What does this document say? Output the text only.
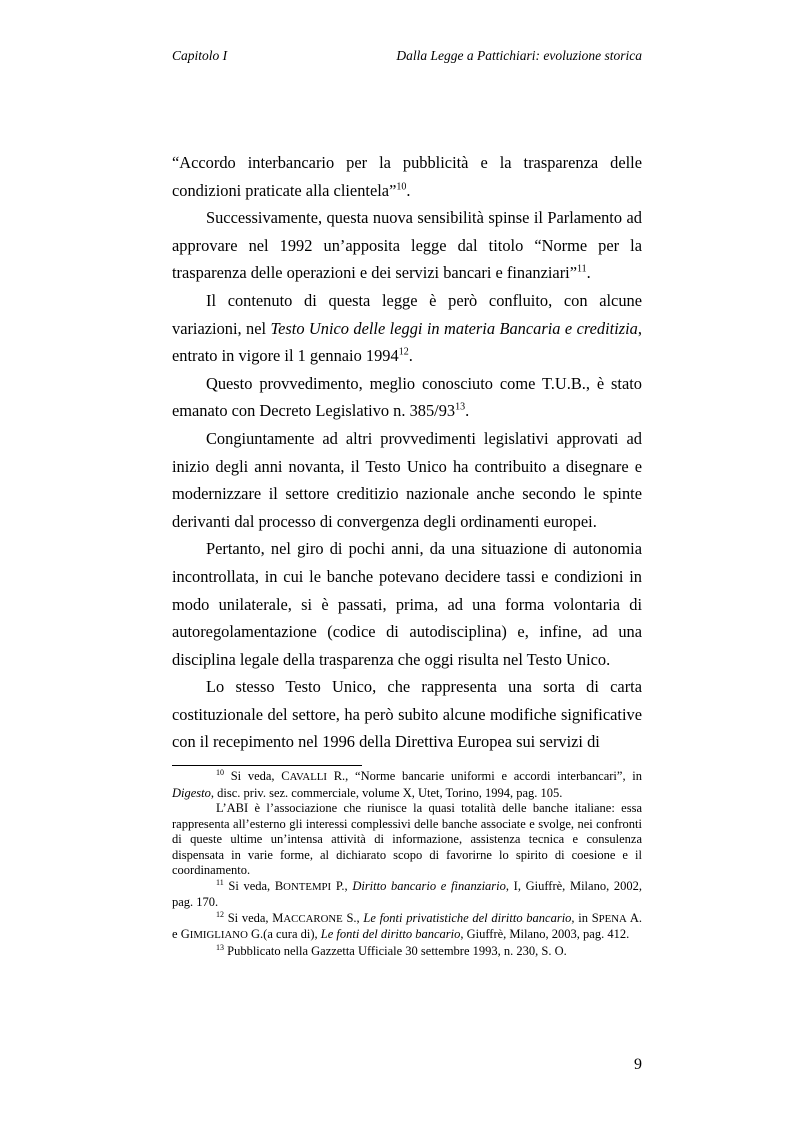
Capitolo I	Dalla Legge a Pattichiari: evoluzione storica

“Accordo interbancario per la pubblicità e la trasparenza delle condizioni praticate alla clientela”$^{10}$.

Successivamente, questa nuova sensibilità spinse il Parlamento ad approvare nel 1992 un’apposita legge dal titolo “Norme per la trasparenza delle operazioni e dei servizi bancari e finanziari”$^{11}$.

Il contenuto di questa legge è però confluito, con alcune variazioni, nel Testo Unico delle leggi in materia Bancaria e creditizia, entrato in vigore il 1 gennaio 1994$^{12}$.

Questo provvedimento, meglio conosciuto come T.U.B., è stato emanato con Decreto Legislativo n. $385/93^{13}$.

Congiuntamente ad altri provvedimenti legislativi approvati ad inizio degli anni novanta, il Testo Unico ha contribuito a disegnare e modernizzare il settore creditizio nazionale anche secondo le spinte derivanti dal processo di convergenza degli ordinamenti europei.

Pertanto, nel giro di pochi anni, da una situazione di autonomia incontrollata, in cui le banche potevano decidere tassi e condizioni in modo unilaterale, si è passati, prima, ad una forma volontaria di autoregolamentazione (codice di autodisciplina) e, infine, ad una disciplina legale della trasparenza che oggi risulta nel Testo Unico.

Lo stesso Testo Unico, che rappresenta una sorta di carta costituzionale del settore, ha però subito alcune modifiche significative con il recepimento nel 1996 della Direttiva Europea sui servizi di

$^{10}$ Si veda, CAVALLI R., “Norme bancarie uniformi e accordi interbancari”, in Digesto, disc. priv. sez. commerciale, volume X, Utet, Torino, 1994, pag. 105.

L’ABI è l’associazione che riunisce la quasi totalità delle banche italiane: essa rappresenta all’esterno gli interessi complessivi delle banche associate e svolge, nei confronti di queste ultime un’intensa attività di informazione, assistenza tecnica e consulenza dispensata in varie forme, al dichiarato scopo di favorirne lo spirito di coesione e il coordinamento.

$^{11}$ Si veda, BONTEMPI P., Diritto bancario e finanziario, I, Giuffrè, Milano, 2002, pag. 170.

$^{12}$ Si veda, MACCARONE S., Le fonti privatistiche del diritto bancario, in SPENA A. e GIMIGLIANO G.(a cura di), Le fonti del diritto bancario, Giuffrè, Milano, 2003, pag. 412.

$^{13}$ Pubblicato nella Gazzetta Ufficiale 30 settembre 1993, n. 230, S. O.

9
